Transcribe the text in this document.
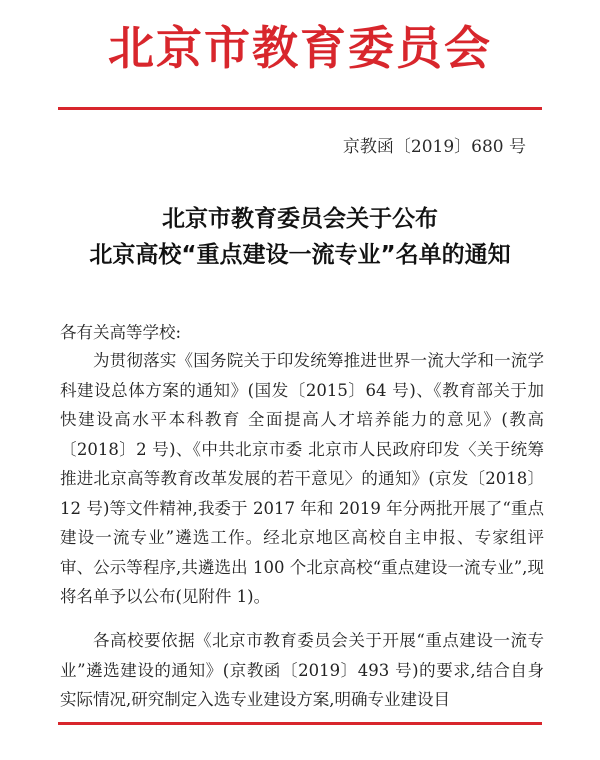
北京市教育委员会
京教函〔2019〕680 号
北京市教育委员会关于公布
北京高校“重点建设一流专业”名单的通知
各有关高等学校:
为贯彻落实《国务院关于印发统筹推进世界一流大学和一流学科建设总体方案的通知》(国发〔2015〕64 号)、《教育部关于加快建设高水平本科教育 全面提高人才培养能力的意见》(教高〔2018〕2 号)、《中共北京市委 北京市人民政府印发〈关于统筹推进北京高等教育改革发展的若干意见〉的通知》(京发〔2018〕12 号)等文件精神,我委于 2017 年和 2019 年分两批开展了“重点建设一流专业”遴选工作。经北京地区高校自主申报、专家组评审、公示等程序,共遴选出 100 个北京高校“重点建设一流专业”,现将名单予以公布(见附件 1)。
各高校要依据《北京市教育委员会关于开展“重点建设一流专业”遴选建设的通知》(京教函〔2019〕493 号)的要求,结合自身实际情况,研究制定入选专业建设方案,明确专业建设目
